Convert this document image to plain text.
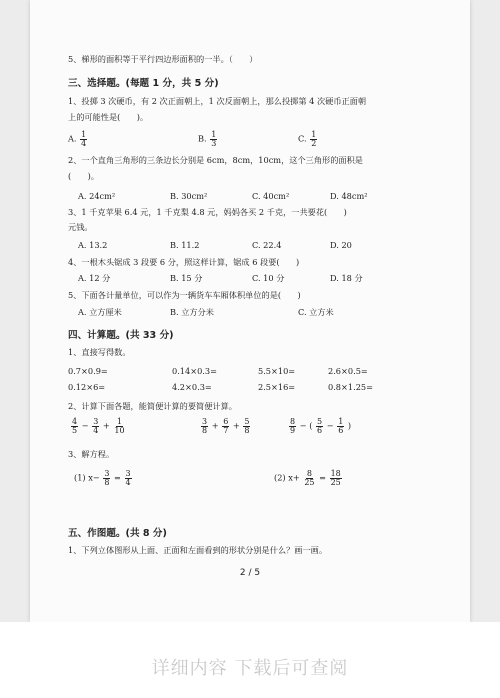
5、梯形的面积等于平行四边形面积的一半。（　　）
三、选择题。(每题 1 分，共 5 分)
1、投掷 3 次硬币，有 2 次正面朝上，1 次反面朝上，那么投掷第 4 次硬币正面朝
上的可能性是(　　)。
A. $\frac{1}{4}$	B. $\frac{1}{3}$	C. $\frac{1}{2}$
2、一个直角三角形的三条边长分别是 6cm，8cm，10cm，这个三角形的面积是
(　　)。
A. 24cm²	B. 30cm²	C. 40cm²	D. 48cm²
3、1 千克苹果 6.4 元，1 千克梨 4.8 元，妈妈各买 2 千克，一共要花(　　)
元钱。
A. 13.2	B. 11.2	C. 22.4	D. 20
4、一根木头锯成 3 段要 6 分，照这样计算，锯成 6 段要(　　)
A. 12 分	B. 15 分	C. 10 分	D. 18 分
5、下面各计量单位，可以作为一辆货车车厢体积单位的是(　　)
A. 立方厘米	B. 立方分米	C. 立方米
四、计算题。(共 33 分)
1、直接写得数。
0.7×0.9=	0.14×0.3=	5.5×10=	2.6×0.5=
0.12×6=	4.2×0.3=	2.5×16=	0.8×1.25=
2、计算下面各题，能简便计算的要简便计算。
$\frac{4}{5} - \frac{3}{4} + \frac{1}{10}$	$\frac{3}{8} + \frac{6}{7} + \frac{5}{8}$	$\frac{8}{9}$ − ( $\frac{5}{6} - \frac{1}{6}$ )
3、解方程。
(1) $x- \frac{3}{8} = \frac{3}{4}$	(2) $x+ \frac{8}{25} = \frac{18}{25}$
五、作图题。(共 8 分)
1、下列立体图形从上面、正面和左面看到的形状分别是什么？画一画。
2 / 5
详细内容 下载后可查阅
